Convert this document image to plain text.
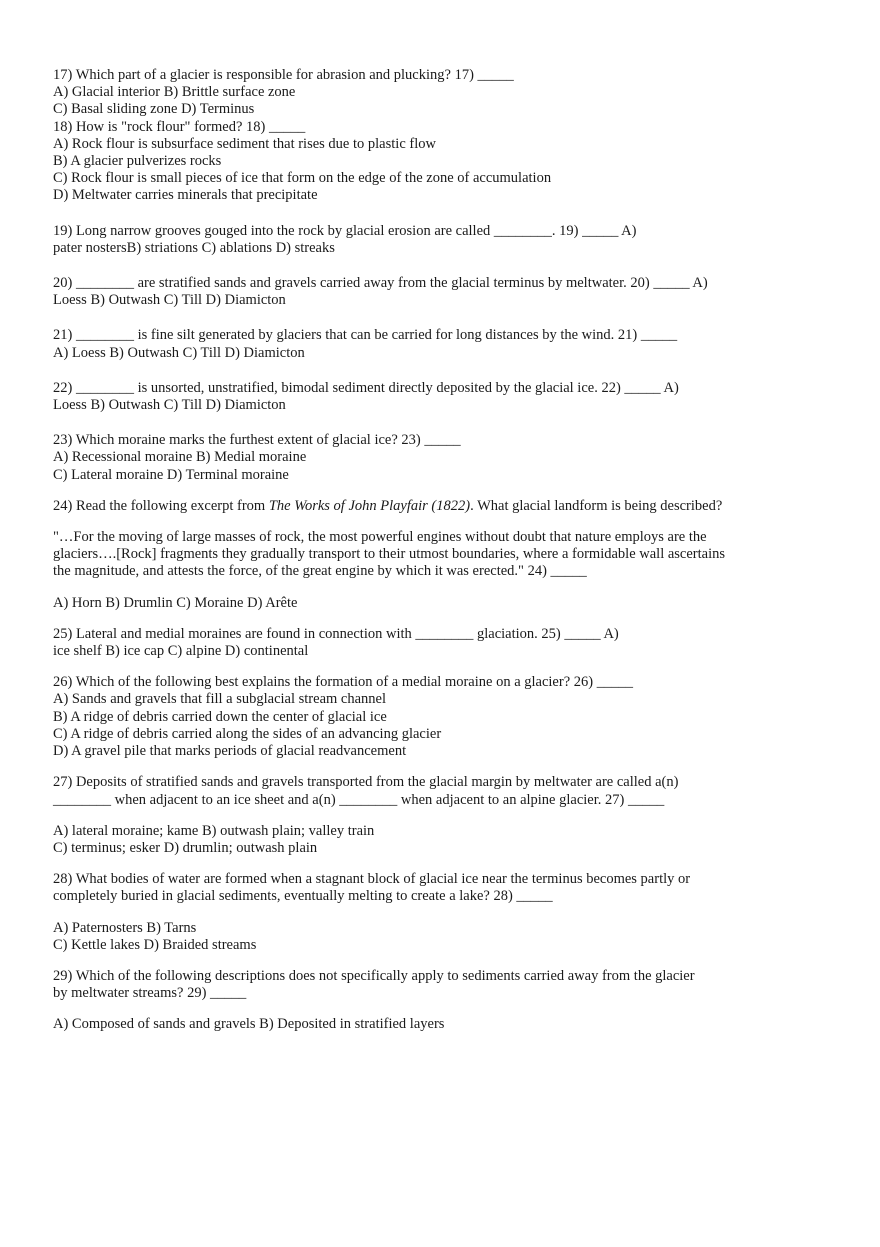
17) Which part of a glacier is responsible for abrasion and plucking? 17) _____
A) Glacial interior B) Brittle surface zone
C) Basal sliding zone D) Terminus
18) How is "rock flour" formed? 18) _____
A) Rock flour is subsurface sediment that rises due to plastic flow
B) A glacier pulverizes rocks
C) Rock flour is small pieces of ice that form on the edge of the zone of accumulation
D) Meltwater carries minerals that precipitate
19) Long narrow grooves gouged into the rock by glacial erosion are called ________. 19) _____ A)
pater nostersB) striations C) ablations D) streaks
20) ________ are stratified sands and gravels carried away from the glacial terminus by meltwater. 20) _____ A)
Loess B) Outwash C) Till D) Diamicton
21) ________ is fine silt generated by glaciers that can be carried for long distances by the wind. 21) _____
A) Loess B) Outwash C) Till D) Diamicton
22) ________ is unsorted, unstratified, bimodal sediment directly deposited by the glacial ice. 22) _____ A)
Loess B) Outwash C) Till D) Diamicton
23) Which moraine marks the furthest extent of glacial ice? 23) _____
A) Recessional moraine B) Medial moraine
C) Lateral moraine D) Terminal moraine
24) Read the following excerpt from The Works of John Playfair (1822). What glacial landform is being described?
"…For the moving of large masses of rock, the most powerful engines without doubt that nature employs are the
glaciers….[Rock] fragments they gradually transport to their utmost boundaries, where a formidable wall ascertains
the magnitude, and attests the force, of the great engine by which it was erected." 24) _____
A) Horn B) Drumlin C) Moraine D) Arête
25) Lateral and medial moraines are found in connection with ________ glaciation. 25) _____ A)
ice shelf B) ice cap C) alpine D) continental
26) Which of the following best explains the formation of a medial moraine on a glacier? 26) _____
A) Sands and gravels that fill a subglacial stream channel
B) A ridge of debris carried down the center of glacial ice
C) A ridge of debris carried along the sides of an advancing glacier
D) A gravel pile that marks periods of glacial readvancement
27) Deposits of stratified sands and gravels transported from the glacial margin by meltwater are called a(n)
________ when adjacent to an ice sheet and a(n) ________ when adjacent to an alpine glacier. 27) _____
A) lateral moraine; kame B) outwash plain; valley train
C) terminus; esker D) drumlin; outwash plain
28) What bodies of water are formed when a stagnant block of glacial ice near the terminus becomes partly or
completely buried in glacial sediments, eventually melting to create a lake? 28) _____
A) Paternosters B) Tarns
C) Kettle lakes D) Braided streams
29) Which of the following descriptions does not specifically apply to sediments carried away from the glacier
by meltwater streams? 29) _____
A) Composed of sands and gravels B) Deposited in stratified layers
